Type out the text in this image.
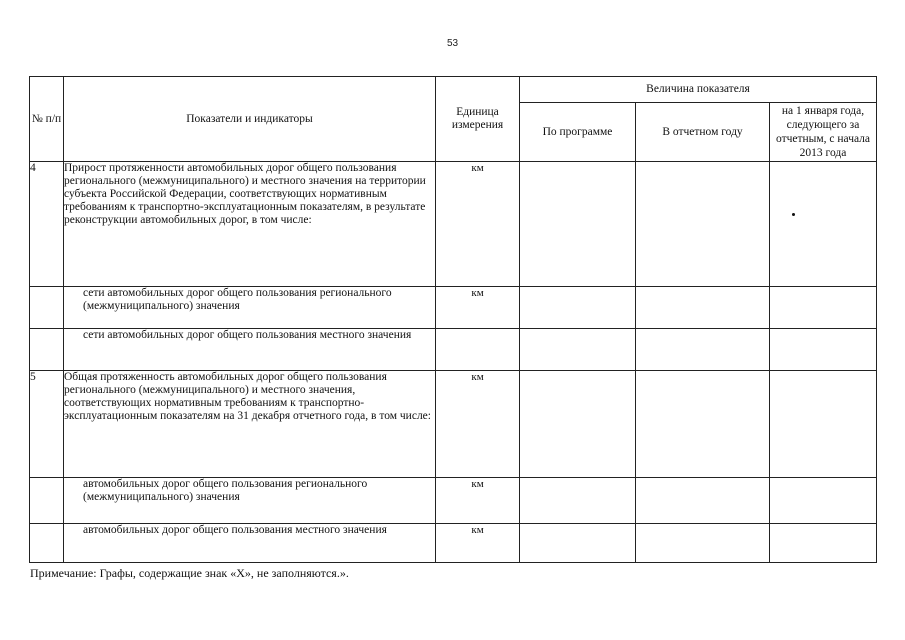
53
№ п/п	Показатели и индикаторы	Единица измерения	Величина показателя		
			По программе	В отчетном году	на 1 января года, следующего за отчетным, с начала 2013 года
4	Прирост протяженности автомобильных дорог общего пользования регионального (межмуниципального) и местного значения на территории субъекта Российской Федерации, соответствующих нормативным требованиям к транспортно-эксплуатационным показателям, в результате реконструкции автомобильных дорог, в том числе:	км			

	сети автомобильных дорог общего пользования регионального (межмуниципального) значения	км			
	сети автомобильных дорог общего пользования местного значения				
5	Общая протяженность автомобильных дорог общего пользования регионального (межмуниципального) и местного значения, соответствующих нормативным требованиям к транспортно-эксплуатационным показателям на 31 декабря отчетного года, в том числе:	км			
	автомобильных дорог общего пользования регионального (межмуниципального) значения	км			
	автомобильных дорог общего пользования местного значения	км			
Примечание: Графы, содержащие знак «X», не заполняются.».
